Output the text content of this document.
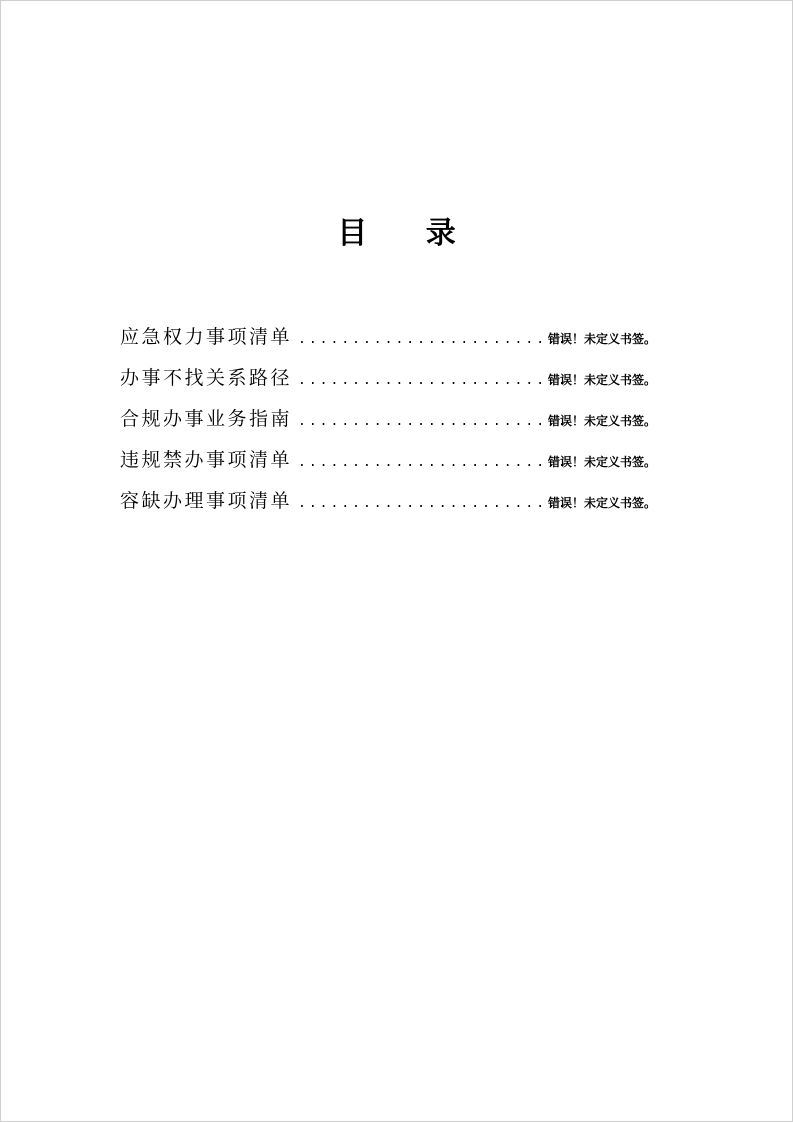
目 录
应急权力事项清单 .........................
错误！未定义书签。
办事不找关系路径 .........................
错误！未定义书签。
合规办事业务指南 .........................
错误！未定义书签。
违规禁办事项清单 .........................
错误！未定义书签。
容缺办理事项清单 .........................
错误！未定义书签。
